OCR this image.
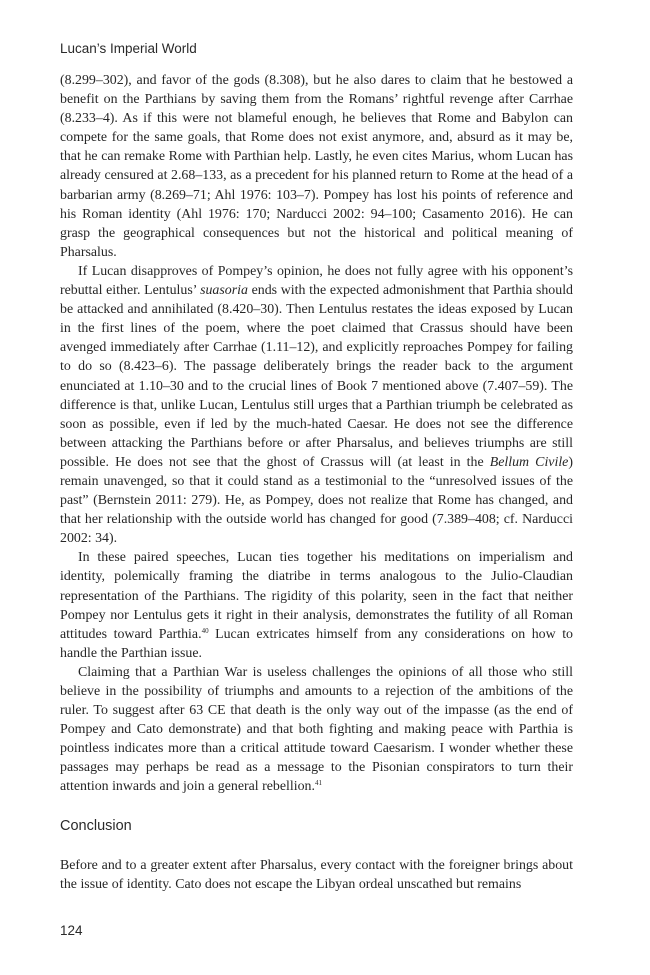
Lucan’s Imperial World

(8.299–302), and favor of the gods (8.308), but he also dares to claim that he bestowed a benefit on the Parthians by saving them from the Romans’ rightful revenge after Carrhae (8.233–4). As if this were not blameful enough, he believes that Rome and Babylon can compete for the same goals, that Rome does not exist anymore, and, absurd as it may be, that he can remake Rome with Parthian help. Lastly, he even cites Marius, whom Lucan has already censured at 2.68–133, as a precedent for his planned return to Rome at the head of a barbarian army (8.269–71; Ahl 1976: 103–7). Pompey has lost his points of reference and his Roman identity (Ahl 1976: 170; Narducci 2002: 94–100; Casamento 2016). He can grasp the geographical consequences but not the historical and political meaning of Pharsalus.

If Lucan disapproves of Pompey’s opinion, he does not fully agree with his opponent’s rebuttal either. Lentulus’ suasoria ends with the expected admonishment that Parthia should be attacked and annihilated (8.420–30). Then Lentulus restates the ideas exposed by Lucan in the first lines of the poem, where the poet claimed that Crassus should have been avenged immediately after Carrhae (1.11–12), and explicitly reproaches Pompey for failing to do so (8.423–6). The passage deliberately brings the reader back to the argument enunciated at 1.10–30 and to the crucial lines of Book 7 mentioned above (7.407–59). The difference is that, unlike Lucan, Lentulus still urges that a Parthian triumph be celebrated as soon as possible, even if led by the much-hated Caesar. He does not see the difference between attacking the Parthians before or after Pharsalus, and believes triumphs are still possible. He does not see that the ghost of Crassus will (at least in the Bellum Civile) remain unavenged, so that it could stand as a testimonial to the “unresolved issues of the past” (Bernstein 2011: 279). He, as Pompey, does not realize that Rome has changed, and that her relationship with the outside world has changed for good (7.389–408; cf. Narducci 2002: 34).

In these paired speeches, Lucan ties together his meditations on imperialism and identity, polemically framing the diatribe in terms analogous to the Julio-Claudian representation of the Parthians. The rigidity of this polarity, seen in the fact that neither Pompey nor Lentulus gets it right in their analysis, demonstrates the futility of all Roman attitudes toward Parthia.$^{40}$ Lucan extricates himself from any considerations on how to handle the Parthian issue.

Claiming that a Parthian War is useless challenges the opinions of all those who still believe in the possibility of triumphs and amounts to a rejection of the ambitions of the ruler. To suggest after 63 CE that death is the only way out of the impasse (as the end of Pompey and Cato demonstrate) and that both fighting and making peace with Parthia is pointless indicates more than a critical attitude toward Caesarism. I wonder whether these passages may perhaps be read as a message to the Pisonian conspirators to turn their attention inwards and join a general rebellion.$^{41}$

Conclusion

Before and to a greater extent after Pharsalus, every contact with the foreigner brings about the issue of identity. Cato does not escape the Libyan ordeal unscathed but remains

124
